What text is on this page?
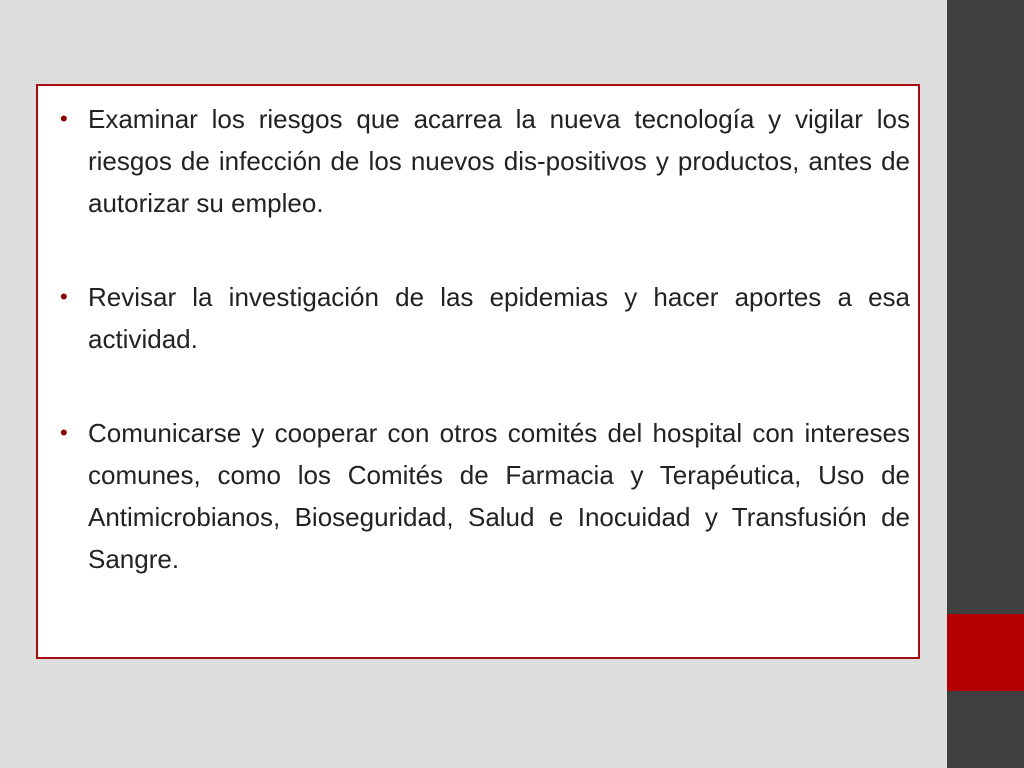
• Examinar los riesgos que acarrea la nueva tecnología y vigilar los riesgos de infección de los nuevos dis-positivos y productos, antes de autorizar su empleo.
• Revisar la investigación de las epidemias y hacer aportes a esa actividad.
• Comunicarse y cooperar con otros comités del hospital con intereses comunes, como los Comités de Farmacia y Terapéutica, Uso de Antimicrobianos, Bioseguridad, Salud e Inocuidad y Transfusión de Sangre.
